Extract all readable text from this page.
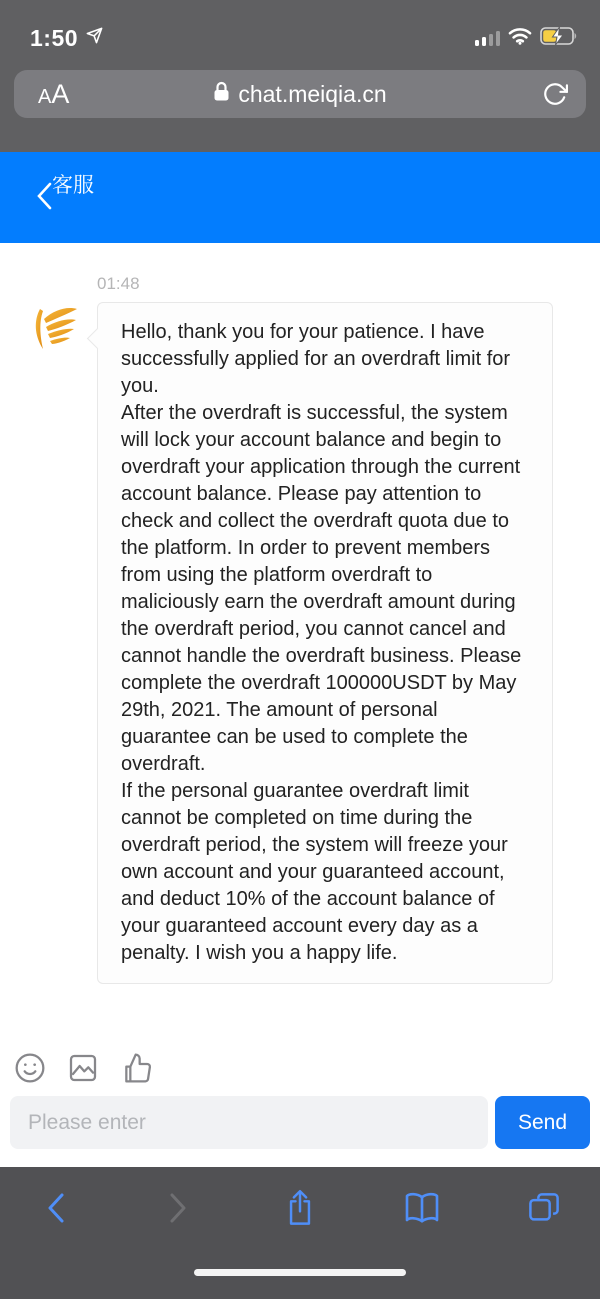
1:50
AA	chat.meiqia.cn
客服
01:48

Hello, thank you for your patience. I have successfully applied for an overdraft limit for you.

After the overdraft is successful, the system will lock your account balance and begin to overdraft your application through the current account balance. Please pay attention to check and collect the overdraft quota due to the platform. In order to prevent members from using the platform overdraft to maliciously earn the overdraft amount during the overdraft period, you cannot cancel and cannot handle the overdraft business. Please complete the overdraft 100000USDT by May 29th, 2021. The amount of personal guarantee can be used to complete the overdraft.

If the personal guarantee overdraft limit cannot be completed on time during the overdraft period, the system will freeze your own account and your guaranteed account, and deduct 10% of the account balance of your guaranteed account every day as a penalty. I wish you a happy life.

Please enter
Send
